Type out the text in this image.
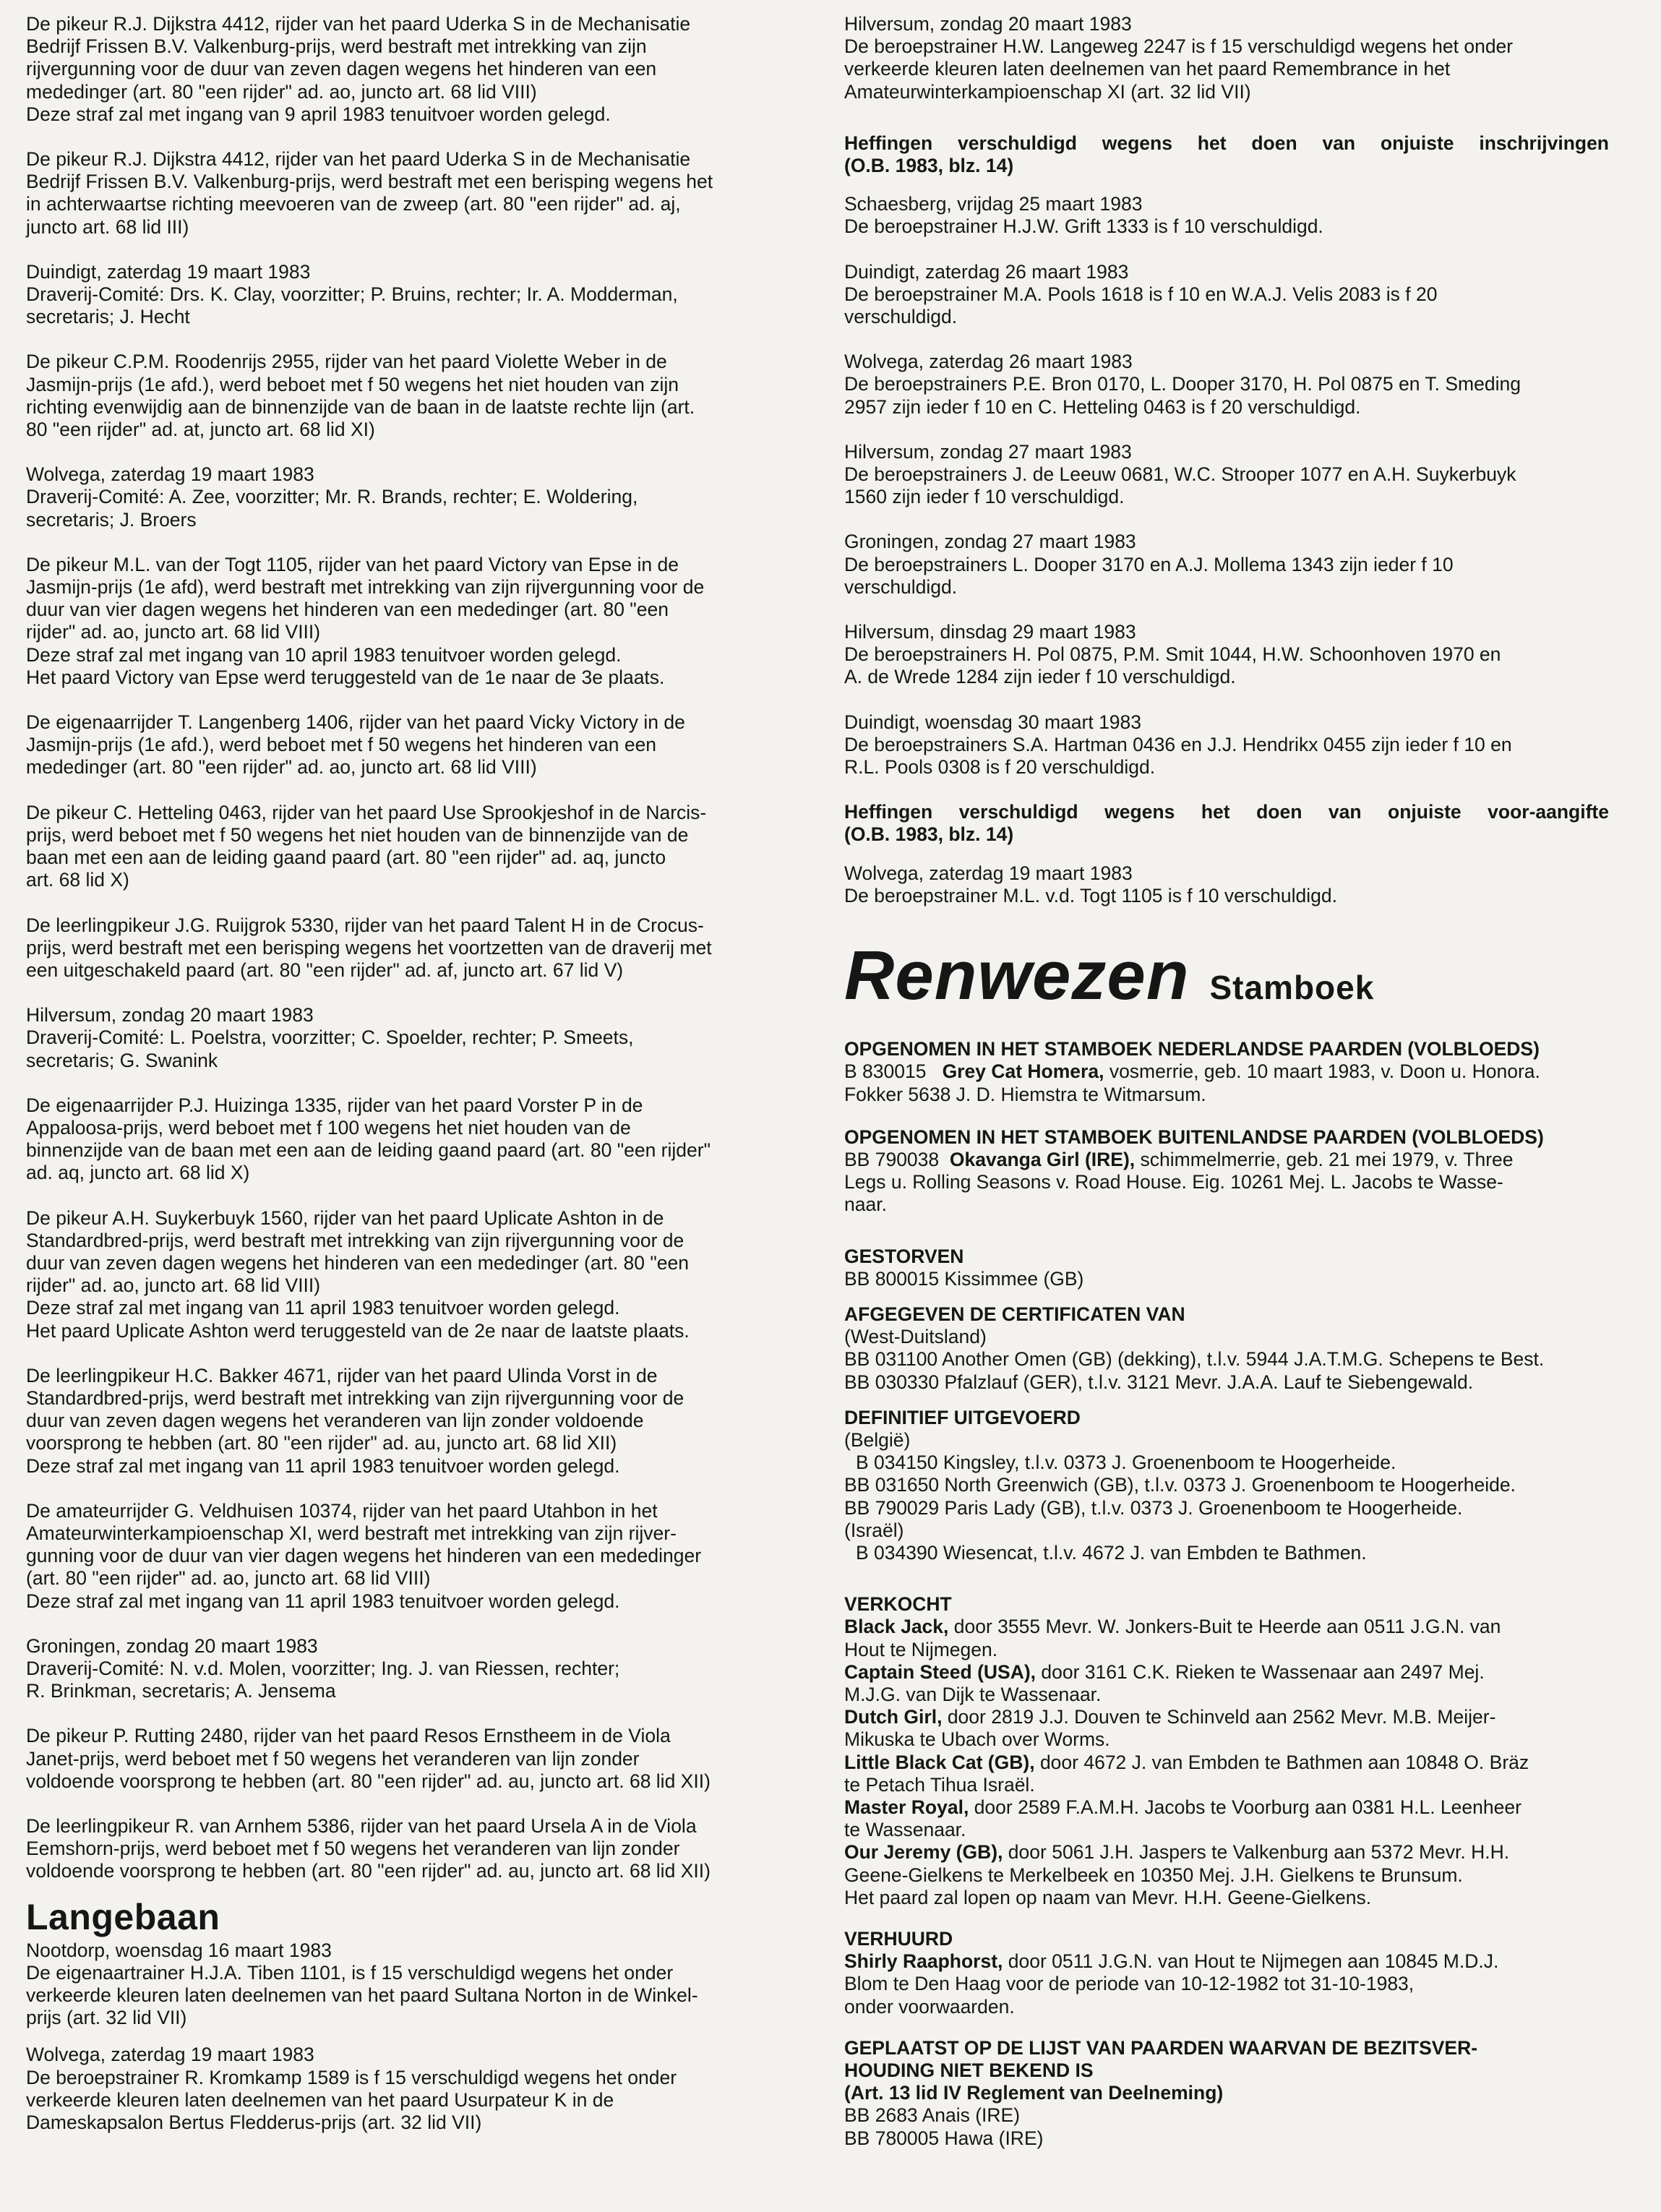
De pikeur R.J. Dijkstra 4412, rijder van het paard Uderka S in de Mechanisatie
Bedrijf Frissen B.V. Valkenburg-prijs, werd bestraft met intrekking van zijn
rijvergunning voor de duur van zeven dagen wegens het hinderen van een
mededinger (art. 80 "een rijder" ad. ao, juncto art. 68 lid VIII)
Deze straf zal met ingang van 9 april 1983 tenuitvoer worden gelegd.
De pikeur R.J. Dijkstra 4412, rijder van het paard Uderka S in de Mechanisatie
Bedrijf Frissen B.V. Valkenburg-prijs, werd bestraft met een berisping wegens het
in achterwaartse richting meevoeren van de zweep (art. 80 "een rijder" ad. aj,
juncto art. 68 lid III)
Duindigt, zaterdag 19 maart 1983
Draverij-Comité: Drs. K. Clay, voorzitter; P. Bruins, rechter; Ir. A. Modderman,
secretaris; J. Hecht
De pikeur C.P.M. Roodenrijs 2955, rijder van het paard Violette Weber in de
Jasmijn-prijs (1e afd.), werd beboet met f 50 wegens het niet houden van zijn
richting evenwijdig aan de binnenzijde van de baan in de laatste rechte lijn (art.
80 "een rijder" ad. at, juncto art. 68 lid XI)
Wolvega, zaterdag 19 maart 1983
Draverij-Comité: A. Zee, voorzitter; Mr. R. Brands, rechter; E. Woldering,
secretaris; J. Broers
De pikeur M.L. van der Togt 1105, rijder van het paard Victory van Epse in de
Jasmijn-prijs (1e afd), werd bestraft met intrekking van zijn rijvergunning voor de
duur van vier dagen wegens het hinderen van een mededinger (art. 80 "een
rijder" ad. ao, juncto art. 68 lid VIII)
Deze straf zal met ingang van 10 april 1983 tenuitvoer worden gelegd.
Het paard Victory van Epse werd teruggesteld van de 1e naar de 3e plaats.
De eigenaarrijder T. Langenberg 1406, rijder van het paard Vicky Victory in de
Jasmijn-prijs (1e afd.), werd beboet met f 50 wegens het hinderen van een
mededinger (art. 80 "een rijder" ad. ao, juncto art. 68 lid VIII)
De pikeur C. Hetteling 0463, rijder van het paard Use Sprookjeshof in de Narcis-
prijs, werd beboet met f 50 wegens het niet houden van de binnenzijde van de
baan met een aan de leiding gaand paard (art. 80 "een rijder" ad. aq, juncto
art. 68 lid X)
De leerlingpikeur J.G. Ruijgrok 5330, rijder van het paard Talent H in de Crocus-
prijs, werd bestraft met een berisping wegens het voortzetten van de draverij met
een uitgeschakeld paard (art. 80 "een rijder" ad. af, juncto art. 67 lid V)
Hilversum, zondag 20 maart 1983
Draverij-Comité: L. Poelstra, voorzitter; C. Spoelder, rechter; P. Smeets,
secretaris; G. Swanink
De eigenaarrijder P.J. Huizinga 1335, rijder van het paard Vorster P in de
Appaloosa-prijs, werd beboet met f 100 wegens het niet houden van de
binnenzijde van de baan met een aan de leiding gaand paard (art. 80 "een rijder"
ad. aq, juncto art. 68 lid X)
De pikeur A.H. Suykerbuyk 1560, rijder van het paard Uplicate Ashton in de
Standardbred-prijs, werd bestraft met intrekking van zijn rijvergunning voor de
duur van zeven dagen wegens het hinderen van een mededinger (art. 80 "een
rijder" ad. ao, juncto art. 68 lid VIII)
Deze straf zal met ingang van 11 april 1983 tenuitvoer worden gelegd.
Het paard Uplicate Ashton werd teruggesteld van de 2e naar de laatste plaats.
De leerlingpikeur H.C. Bakker 4671, rijder van het paard Ulinda Vorst in de
Standardbred-prijs, werd bestraft met intrekking van zijn rijvergunning voor de
duur van zeven dagen wegens het veranderen van lijn zonder voldoende
voorsprong te hebben (art. 80 "een rijder" ad. au, juncto art. 68 lid XII)
Deze straf zal met ingang van 11 april 1983 tenuitvoer worden gelegd.
De amateurrijder G. Veldhuisen 10374, rijder van het paard Utahbon in het
Amateurwinterkampioenschap XI, werd bestraft met intrekking van zijn rijver-
gunning voor de duur van vier dagen wegens het hinderen van een mededinger
(art. 80 "een rijder" ad. ao, juncto art. 68 lid VIII)
Deze straf zal met ingang van 11 april 1983 tenuitvoer worden gelegd.
Groningen, zondag 20 maart 1983
Draverij-Comité: N. v.d. Molen, voorzitter; Ing. J. van Riessen, rechter;
R. Brinkman, secretaris; A. Jensema
De pikeur P. Rutting 2480, rijder van het paard Resos Ernstheem in de Viola
Janet-prijs, werd beboet met f 50 wegens het veranderen van lijn zonder
voldoende voorsprong te hebben (art. 80 "een rijder" ad. au, juncto art. 68 lid XII)
De leerlingpikeur R. van Arnhem 5386, rijder van het paard Ursela A in de Viola
Eemshorn-prijs, werd beboet met f 50 wegens het veranderen van lijn zonder
voldoende voorsprong te hebben (art. 80 "een rijder" ad. au, juncto art. 68 lid XII)
Langebaan
Nootdorp, woensdag 16 maart 1983
De eigenaartrainer H.J.A. Tiben 1101, is f 15 verschuldigd wegens het onder
verkeerde kleuren laten deelnemen van het paard Sultana Norton in de Winkel-
prijs (art. 32 lid VII)
Wolvega, zaterdag 19 maart 1983
De beroepstrainer R. Kromkamp 1589 is f 15 verschuldigd wegens het onder
verkeerde kleuren laten deelnemen van het paard Usurpateur K in de
Dameskapsalon Bertus Fledderus-prijs (art. 32 lid VII)
Hilversum, zondag 20 maart 1983
De beroepstrainer H.W. Langeweg 2247 is f 15 verschuldigd wegens het onder
verkeerde kleuren laten deelnemen van het paard Remembrance in het
Amateurwinterkampioenschap XI (art. 32 lid VII)
Heffingen verschuldigd wegens het doen van onjuiste inschrijvingen
(O.B. 1983, blz. 14)
Schaesberg, vrijdag 25 maart 1983
De beroepstrainer H.J.W. Grift 1333 is f 10 verschuldigd.
Duindigt, zaterdag 26 maart 1983
De beroepstrainer M.A. Pools 1618 is f 10 en W.A.J. Velis 2083 is f 20
verschuldigd.
Wolvega, zaterdag 26 maart 1983
De beroepstrainers P.E. Bron 0170, L. Dooper 3170, H. Pol 0875 en T. Smeding
2957 zijn ieder f 10 en C. Hetteling 0463 is f 20 verschuldigd.
Hilversum, zondag 27 maart 1983
De beroepstrainers J. de Leeuw 0681, W.C. Strooper 1077 en A.H. Suykerbuyk
1560 zijn ieder f 10 verschuldigd.
Groningen, zondag 27 maart 1983
De beroepstrainers L. Dooper 3170 en A.J. Mollema 1343 zijn ieder f 10
verschuldigd.
Hilversum, dinsdag 29 maart 1983
De beroepstrainers H. Pol 0875, P.M. Smit 1044, H.W. Schoonhoven 1970 en
A. de Wrede 1284 zijn ieder f 10 verschuldigd.
Duindigt, woensdag 30 maart 1983
De beroepstrainers S.A. Hartman 0436 en J.J. Hendrikx 0455 zijn ieder f 10 en
R.L. Pools 0308 is f 20 verschuldigd.
Heffingen verschuldigd wegens het doen van onjuiste voor-aangifte
(O.B. 1983, blz. 14)
Wolvega, zaterdag 19 maart 1983
De beroepstrainer M.L. v.d. Togt 1105 is f 10 verschuldigd.
Renwezen Stamboek
OPGENOMEN IN HET STAMBOEK NEDERLANDSE PAARDEN (VOLBLOEDS)
B 830015 Grey Cat Homera, vosmerrie, geb. 10 maart 1983, v. Doon u. Honora.
Fokker 5638 J. D. Hiemstra te Witmarsum.
OPGENOMEN IN HET STAMBOEK BUITENLANDSE PAARDEN (VOLBLOEDS)
BB 790038 Okavanga Girl (IRE), schimmelmerrie, geb. 21 mei 1979, v. Three
Legs u. Rolling Seasons v. Road House. Eig. 10261 Mej. L. Jacobs te Wasse-
naar.
GESTORVEN
BB 800015 Kissimmee (GB)
AFGEGEVEN DE CERTIFICATEN VAN
(West-Duitsland)
BB 031100 Another Omen (GB) (dekking), t.l.v. 5944 J.A.T.M.G. Schepens te Best.
BB 030330 Pfalzlauf (GER), t.l.v. 3121 Mevr. J.A.A. Lauf te Siebengewald.
DEFINITIEF UITGEVOERD
(België)
B 034150 Kingsley, t.l.v. 0373 J. Groenenboom te Hoogerheide.
BB 031650 North Greenwich (GB), t.l.v. 0373 J. Groenenboom te Hoogerheide.
BB 790029 Paris Lady (GB), t.l.v. 0373 J. Groenenboom te Hoogerheide.
(Israël)
B 034390 Wiesencat, t.l.v. 4672 J. van Embden te Bathmen.
VERKOCHT
Black Jack, door 3555 Mevr. W. Jonkers-Buit te Heerde aan 0511 J.G.N. van
Hout te Nijmegen.
Captain Steed (USA), door 3161 C.K. Rieken te Wassenaar aan 2497 Mej.
M.J.G. van Dijk te Wassenaar.
Dutch Girl, door 2819 J.J. Douven te Schinveld aan 2562 Mevr. M.B. Meijer-
Mikuska te Ubach over Worms.
Little Black Cat (GB), door 4672 J. van Embden te Bathmen aan 10848 O. Bräz
te Petach Tihua Israël.
Master Royal, door 2589 F.A.M.H. Jacobs te Voorburg aan 0381 H.L. Leenheer
te Wassenaar.
Our Jeremy (GB), door 5061 J.H. Jaspers te Valkenburg aan 5372 Mevr. H.H.
Geene-Gielkens te Merkelbeek en 10350 Mej. J.H. Gielkens te Brunsum.
Het paard zal lopen op naam van Mevr. H.H. Geene-Gielkens.
VERHUURD
Shirly Raaphorst, door 0511 J.G.N. van Hout te Nijmegen aan 10845 M.D.J.
Blom te Den Haag voor de periode van 10-12-1982 tot 31-10-1983,
onder voorwaarden.
GEPLAATST OP DE LIJST VAN PAARDEN WAARVAN DE BEZITSVER-
HOUDING NIET BEKEND IS
(Art. 13 lid IV Reglement van Deelneming)
BB 2683 Anais (IRE)
BB 780005 Hawa (IRE)
